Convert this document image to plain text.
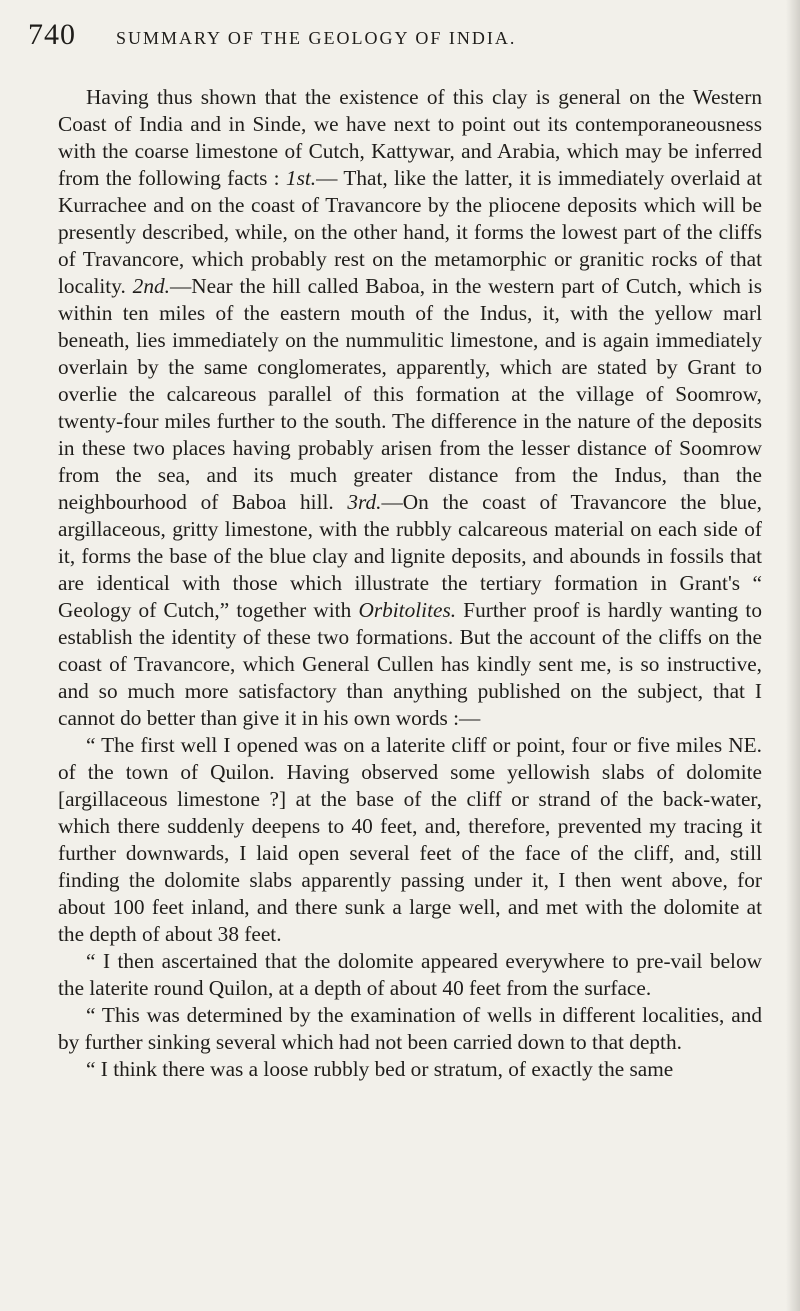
740	SUMMARY OF THE GEOLOGY OF INDIA.

Having thus shown that the existence of this clay is general on the Western Coast of India and in Sinde, we have next to point out its contemporaneousness with the coarse limestone of Cutch, Kattywar, and Arabia, which may be inferred from the following facts : 1st.— That, like the latter, it is immediately overlaid at Kurrachee and on the coast of Travancore by the pliocene deposits which will be presently described, while, on the other hand, it forms the lowest part of the cliffs of Travancore, which probably rest on the metamorphic or granitic rocks of that locality. 2nd.—Near the hill called Baboa, in the western part of Cutch, which is within ten miles of the eastern mouth of the Indus, it, with the yellow marl beneath, lies immediately on the nummulitic limestone, and is again immediately overlain by the same conglomerates, apparently, which are stated by Grant to overlie the calcareous parallel of this formation at the village of Soomrow, twenty-four miles further to the south. The difference in the nature of the deposits in these two places having probably arisen from the lesser distance of Soomrow from the sea, and its much greater distance from the Indus, than the neighbourhood of Baboa hill. 3rd.—On the coast of Travancore the blue, argillaceous, gritty limestone, with the rubbly calcareous material on each side of it, forms the base of the blue clay and lignite deposits, and abounds in fossils that are identical with those which illustrate the tertiary formation in Grant's “ Geology of Cutch,” together with Orbitolites. Further proof is hardly wanting to establish the identity of these two formations. But the account of the cliffs on the coast of Travancore, which General Cullen has kindly sent me, is so instructive, and so much more satisfactory than anything published on the subject, that I cannot do better than give it in his own words :—

“ The first well I opened was on a laterite cliff or point, four or five miles NE. of the town of Quilon. Having observed some yellowish slabs of dolomite [argillaceous limestone ?] at the base of the cliff or strand of the back-water, which there suddenly deepens to 40 feet, and, therefore, prevented my tracing it further downwards, I laid open several feet of the face of the cliff, and, still finding the dolomite slabs apparently passing under it, I then went above, for about 100 feet inland, and there sunk a large well, and met with the dolomite at the depth of about 38 feet.

“ I then ascertained that the dolomite appeared everywhere to pre-vail below the laterite round Quilon, at a depth of about 40 feet from the surface.

“ This was determined by the examination of wells in different localities, and by further sinking several which had not been carried down to that depth.

“ I think there was a loose rubbly bed or stratum, of exactly the same
